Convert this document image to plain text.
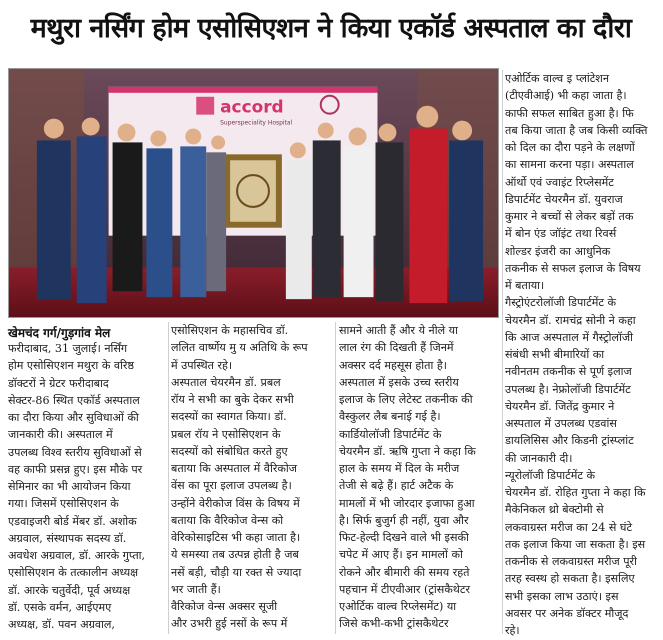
मथुरा नर्सिंग होम एसोसिएशन ने किया एकॉर्ड अस्पताल का दौरा
accord
Superspeciality Hospital
खेमचंद गर्ग/गुड़गांव मेल
फरीदाबाद, 31 जुलाई। नर्सिंग
होम एसोसिएशन मथुरा के वरिष्ठ
डॉक्टरों ने ग्रेटर फरीदाबाद
सेक्टर-86 स्थित एकॉर्ड अस्पताल
का दौरा किया और सुविधाओं की
जानकारी की। अस्पताल में
उपलब्ध विश्व स्तरीय सुविधाओं से
वह काफी प्रसन्न हुए। इस मौके पर
सेमिनार का भी आयोजन किया
गया। जिसमें एसोसिएशन के
एडवाइजरी बोर्ड मेंबर डॉ. अशोक
अग्रवाल, संस्थापक सदस्य डॉ.
अवधेश अग्रवाल, डॉ. आरके गुप्ता,
एसोसिएशन के तत्कालीन अध्यक्ष
डॉ. आरके चतुर्वेदी, पूर्व अध्यक्ष
डॉ. एसके वर्मन, आईएमए
अध्यक्ष, डॉ. पवन अग्रवाल,
एसोसिएशन के महासचिव डॉ.
ललित वार्ष्णेय मु य अतिथि के रूप
में उपस्थित रहे।
अस्पताल चेयरमैन डॉ. प्रबल
रॉय ने सभी का बुके देकर सभी
सदस्यों का स्वागत किया। डॉ.
प्रबल रॉय ने एसोसिएशन के
सदस्यों को संबोधित करते हुए
बताया कि अस्पताल में वैरिकोज
वेंस का पूरा इलाज उपलब्ध है।
उन्होंने वेरीकोज विंस के विषय में
बताया कि वैरिकोज वेन्स को
वेरिकोसाइटिस भी कहा जाता है।
ये समस्या तब उत्पन्न होती है जब
नसें बड़ी, चौड़ी या रक्त से ज्यादा
भर जाती हैं।
वैरिकोज वेन्स अक्सर सूजी
और उभरी हुई नसों के रूप में
सामने आती हैं और ये नीले या
लाल रंग की दिखती हैं जिनमें
अक्सर दर्द महसूस होता है।
अस्पताल में इसके उच्च स्तरीय
इलाज के लिए लेटेस्ट तकनीक की
वैस्कुलर लैब बनाई गई है।
कार्डियोलॉजी डिपार्टमेंट के
चेयरमैन डॉ. ऋषि गुप्ता ने कहा कि
हाल के समय में दिल के मरीज
तेजी से बढ़े हैं। हार्ट अटैक के
मामलों में भी जोरदार इजाफा हुआ
है। सिर्फ बुजुर्ग ही नहीं, युवा और
फिट-हेल्दी दिखने वाले भी इसकी
चपेट में आए हैं। इन मामलों को
रोकने और बीमारी की समय रहते
पहचान में टीएवीआर (ट्रांसकैथेटर
एओर्टिक वाल्व रिप्लेसमेंट) या
जिसे कभी-कभी ट्रांसकैथेटर
एओर्टिक वाल्व इ प्लांटेशन
(टीएवीआई) भी कहा जाता है।
काफी सफल साबित हुआ है। फि
तब किया जाता है जब किसी व्यक्ति
को दिल का दौरा पड़ने के लक्षणों
का सामना करना पड़ा। अस्पताल
ऑर्थो एवं ज्वाइंट रिप्लेसमेंट
डिपार्टमेंट चेयरमैन डॉ. युवराज
कुमार ने बच्चों से लेकर बड़ों तक
में बोन एंड जॉइंट तथा रिवर्स
शोल्डर इंजरी का आधुनिक
तकनीक से सफल इलाज के विषय
में बताया।
गैस्ट्रोएंटरोलॉजी डिपार्टमेंट के
चेयरमैन डॉ. रामचंद्र सोनी ने कहा
कि आज अस्पताल में गैस्ट्रोलॉजी
संबंधी सभी बीमारियों का
नवीनतम तकनीक से पूर्ण इलाज
उपलब्ध है। नेफ्रोलॉजी डिपार्टमेंट
चेयरमैन डॉ. जितेंद्र कुमार ने
अस्पताल में उपलब्ध एडवांस
डायलिसिस और किडनी ट्रांस्प्लांट
की जानकारी दी।
न्यूरोलॉजी डिपार्टमेंट के
चेयरमैन डॉ. रोहित गुप्ता ने कहा कि
मैकेनिकल थ्रो बेक्टोमी से
लकवाग्रस्त मरीज का 24 से घंटे
तक इलाज किया जा सकता है। इस
तकनीक से लकवाग्रस्त मरीज पूरी
तरह स्वस्थ हो सकता है। इसलिए
सभी इसका लाभ उठाएं। इस
अवसर पर अनेक डॉक्टर मौजूद
रहे।
